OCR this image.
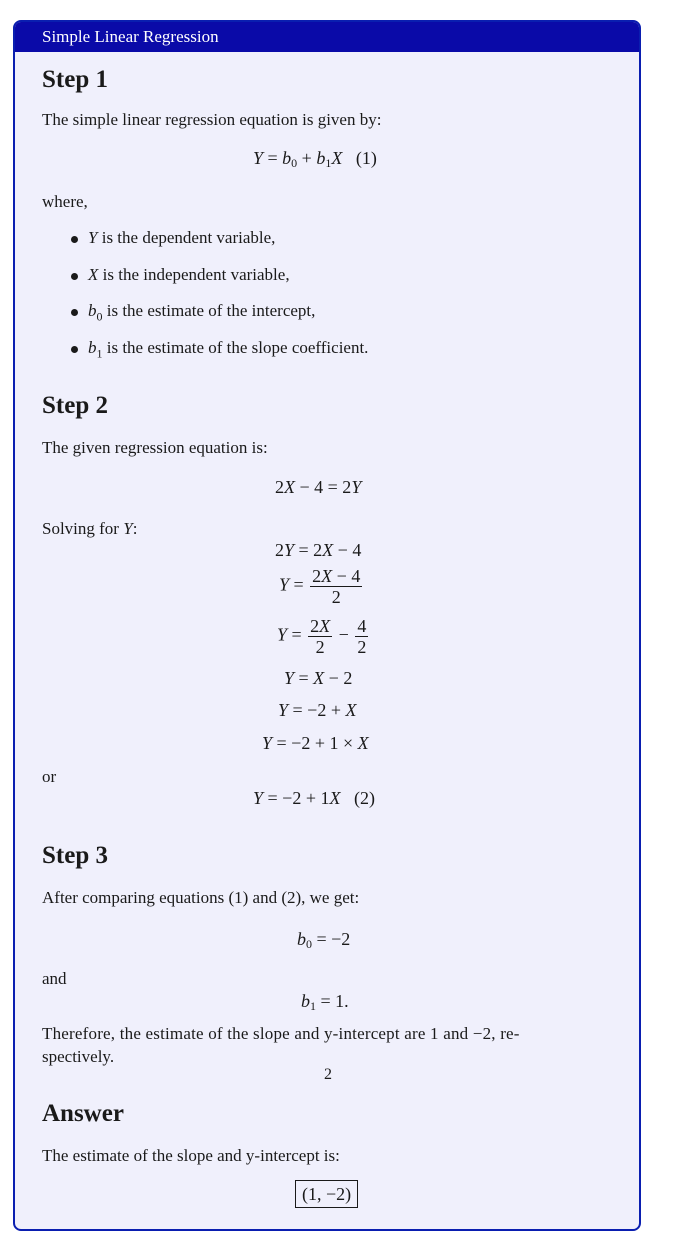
Simple Linear Regression
Step 1

The simple linear regression equation is given by:

$Y = b_0 + b_1X$ (1)

where,

Y is the dependent variable,

X is the independent variable,

$b_0$ is the estimate of the intercept,

$b_1$ is the estimate of the slope coefficient.

Step 2

The given regression equation is:

2X − 4 = 2Y

Solving for Y:

2Y = 2X − 4
$Y = \frac{2X - 4}{2}$
$Y = \frac{2X}{2} - \frac{4}{2}$
Y = X − 2
Y = −2 + X
Y = −2 + 1 × X

or

Y = −2 + 1X (2)
Step 3

After comparing equations (1) and (2), we get:

$b_0 = -2$

and

$b_1 = 1$.

Therefore, the estimate of the slope and y-intercept are 1 and −2, re-

spectively.

2

Answer

The estimate of the slope and y-intercept is:

(1, −2)
